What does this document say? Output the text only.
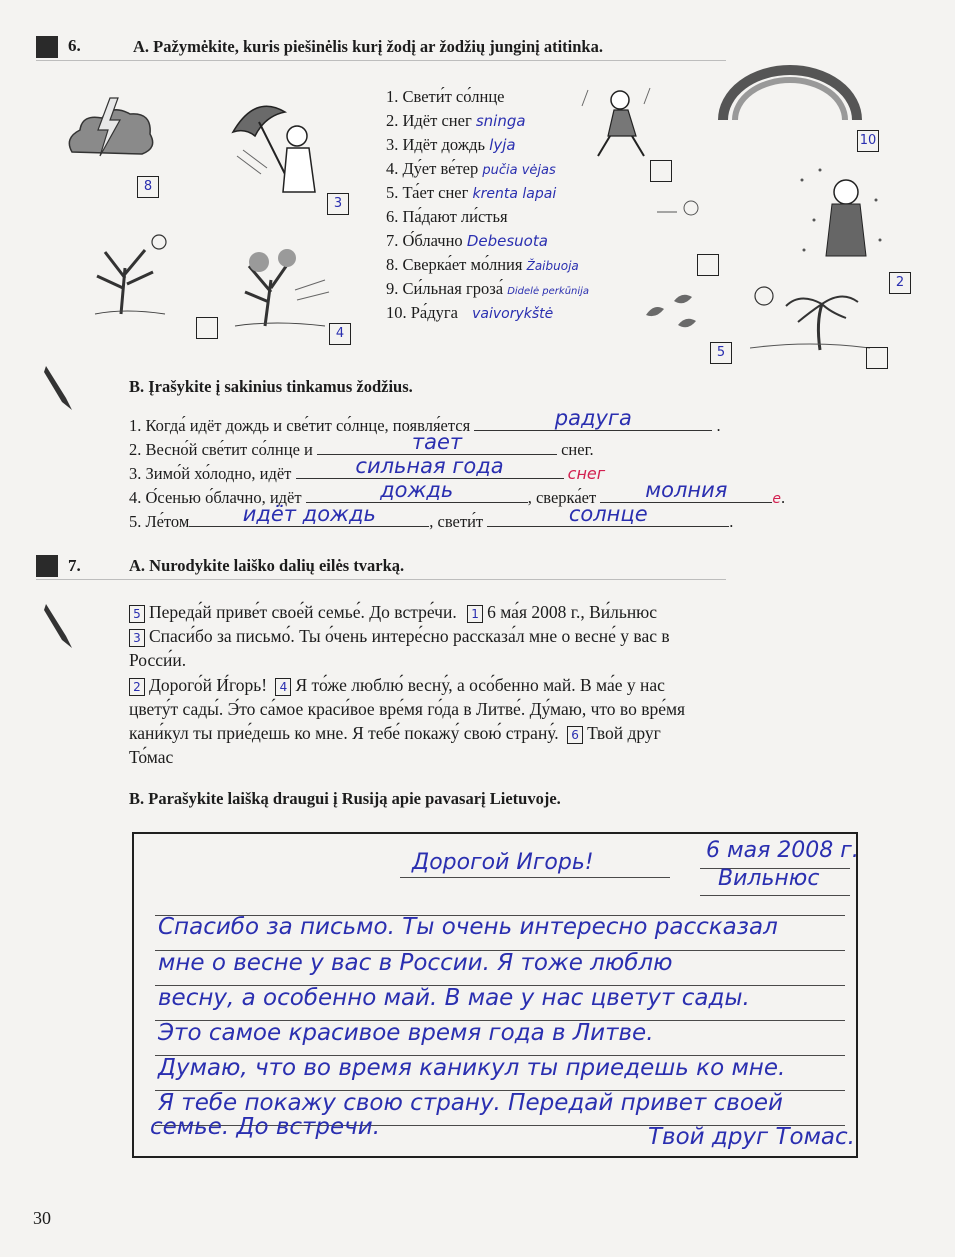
6.	A. Pažymėkite, kuris piešinėlis kurį žodį ar žodžių junginį atitinka.
8
3
4
10
2
5
1. Свети́т со́лнце
2. Идёт снег sninga
3. Идёт дождь lyja
4. Ду́ет ве́тер pučia vėjas
5. Та́ет снег krenta lapai
6. Па́дают ли́стья
7. О́блачно Debesuota
8. Сверка́ет мо́лния Žaibuoja
9. Си́льная гроза́ Didelė perkūnija
10. Ра́дуга vaivorykštė
B. Įrašykite į sakinius tinkamus žodžius.
1. Когда́ идёт дождь и све́тит со́лнце, появля́ется	радуга	.
2. Весно́й све́тит со́лнце и	тает	снег.
3. Зимо́й хо́лодно, идёт	сильная года	снег
4. О́сенью о́блачно, идёт	дождь	, сверка́ет	молния	е.
5. Ле́том	идёт дождь	, свети́т	солнце	.
7.	A. Nurodykite laiško dalių eilės tvarką.
5 Переда́й приве́т свое́й семье́. До встре́чи. 1 6 ма́я 2008 г., Ви́льнюс
3 Спаси́бо за письмо́. Ты о́чень интере́сно рассказа́л мне о весне́ у вас в
Росси́и.
2 Дорого́й И́горь! 4 Я то́же люблю́ весну́, а осо́бенно май. В ма́е у нас
цвету́т сады́. Э́то са́мое краси́вое вре́мя го́да в Литве́. Ду́маю, что во вре́мя
кани́кул ты прие́дешь ко мне. Я тебе́ покажу́ свою́ страну́. 6 Твой друг
То́мас
B. Parašykite laišką draugui į Rusiją apie pavasarį Lietuvoje.
6 мая 2008 г.
Вильнюс
Дорогой Игорь!
Спасибо за письмо. Ты очень интересно рассказал
мне о весне у вас в России. Я тоже люблю
весну, а особенно май. В мае у нас цветут сады.
Это самое красивое время года в Литве.
Думаю, что во время каникул ты приедешь ко мне.
Я тебе покажу свою страну. Передай привет своей
семье. До встречи.	Твой друг Томас.
30
